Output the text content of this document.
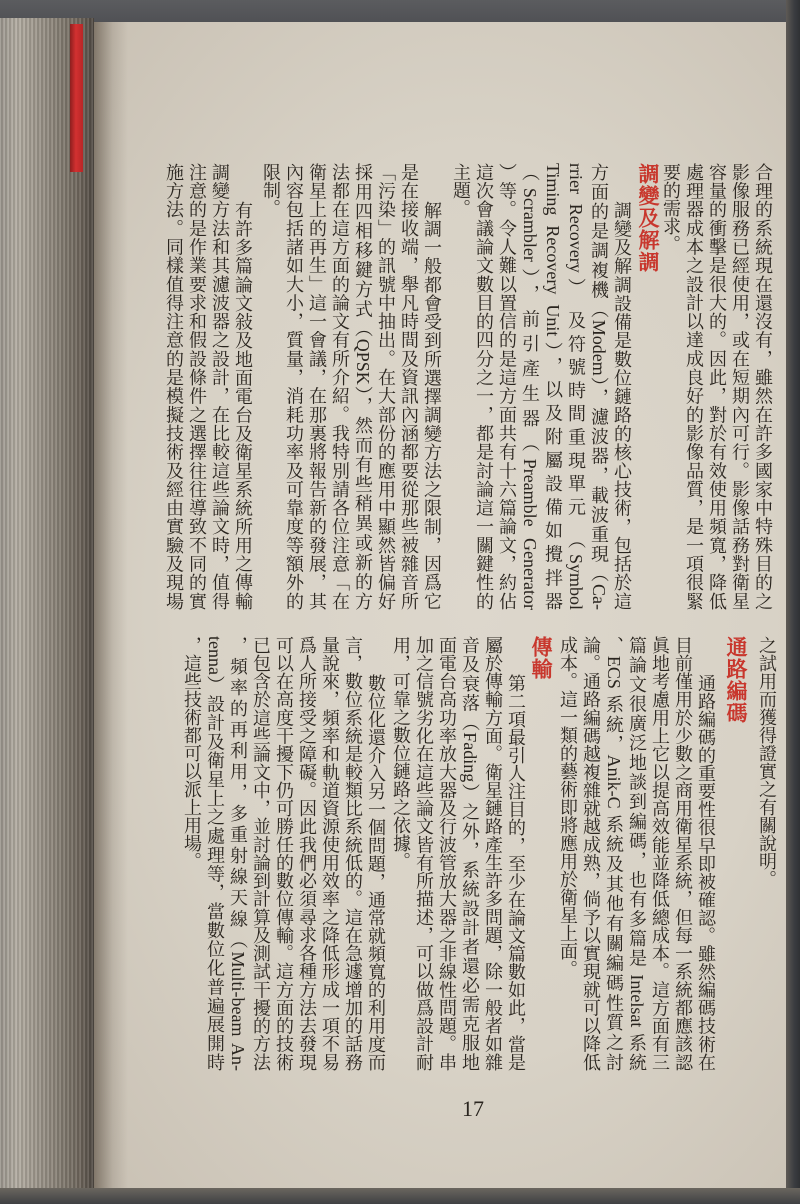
合理的系統現在還沒有，雖然在許多國家中特殊目的之
影像服務已經使用，或在短期內可行。影像話務對衛星
容量的衝擊是很大的。因此，對於有效使用頻寬，降低
處理器成本之設計以達成良好的影像品質，是一項很緊
要的需求。
調變及解調
調變及解調設備是數位鏈路的核心技術，包括於這
方面的是調複機（Modem），濾波器，載波重現（Ca-
rrier Recovery） 及符號時間重現單元 （Symbol
Timing Recovery Unit），以及附屬設備如攪拌器
（Scrambler），前引產生器（Preamble Generator
）等。令人難以置信的是這方面共有十六篇論文，約佔
這次會議論文數目的四分之一，都是討論這一關鍵性的
主題。
解調一般都會受到所選擇調變方法之限制，因爲它
是在接收端，舉凡時間及資訊內涵都要從那些被雜音所
「污染」的訊號中抽出。在大部份的應用中顯然皆偏好
採用四相移鍵方式（QPSK），然而有些稍異或新的方
法都在這方面的論文有所介紹。我特別請各位注意「在
衛星上的再生」這一會議，在那裏將報告新的發展，其
內容包括諸如大小，質量，消耗功率及可靠度等額外的
限制。
有許多篇論文敍及地面電台及衛星系統所用之傳輸
調變方法和其濾波器之設計，在比較這些論文時，值得
注意的是作業要求和假設條件之選擇往往導致不同的實
施方法。同樣值得注意的是模擬技術及經由實驗及現場
之試用而獲得證實之有關說明。
通路編碼
通路編碼的重要性很早即被確認。雖然編碼技術在
目前僅用於少數之商用衛星系統，但每一系統都應該認
眞地考慮用上它以提高效能並降低總成本。這方面有三
篇論文很廣泛地談到編碼，也有多篇是 Intelsat 系統
、ECS 系統，Anik-C 系統及其他有關編碼性質之討
論。通路編碼越複雜就越成熟，倘予以實現就可以降低
成本。這一類的藝術即將應用於衛星上面。
傳輸
第二項最引人注目的，至少在論文篇數如此，當是
屬於傳輸方面。衛星鏈路產生許多問題，除一般者如雜
音及衰落（Fading）之外，系統設計者還必需克服地
面電台高功率放大器及行波管放大器之非線性問題。串
加之信號劣化在這些論文皆有所描述，可以做爲設計耐
用，可靠之數位鏈路之依據。
數位化還介入另一個問題，通常就頻寬的利用度而
言，數位系統是較類比系統低的。這在急遽增加的話務
量說來，頻率和軌道資源使用效率之降低形成一項不易
爲人所接受之障礙。因此我們必須尋求各種方法去發現
可以在高度干擾下仍可勝任的數位傳輸。這方面的技術
已包含於這些論文中，並討論到計算及測試干擾的方法
，頻率的再利用，多重射線天線（Multi-beam An-
tenna）設計及衛星上之處理等，當數位化普遍展開時
，這些技術都可以派上用場。
17
